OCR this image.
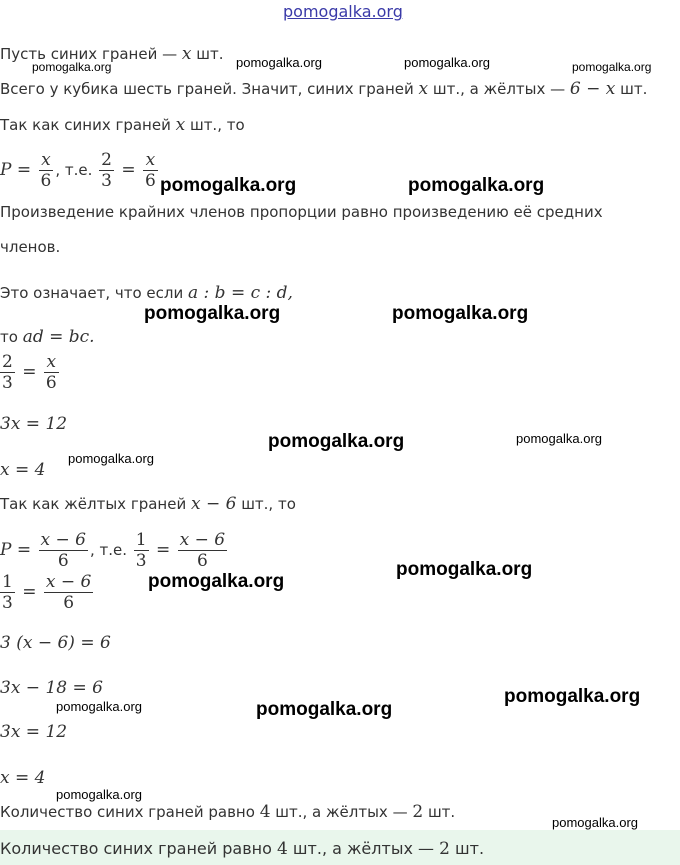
pomogalka.org
Пусть синих граней — x шт.
Всего у кубика шесть граней. Значит, синих граней x шт., а жёлтых — 6 − x шт.
Так как синих граней x шт., то
$P = \frac{x}{6}$ , т.е. $\frac{2}{3} = \frac{x}{6}$
Произведение крайних членов пропорции равно произведению её средних
членов.
Это означает, что если a : b = c : d,
то ad = bc.
$\frac{2}{3} = \frac{x}{6}$
3x = 12
x = 4
Так как жёлтых граней x − 6 шт., то
$P = \frac{x - 6}{6}$ , т.е. $\frac{1}{3} = \frac{x - 6}{6}$
$\frac{1}{3} = \frac{x - 6}{6}$
3 (x − 6) = 6
3x − 18 = 6
3x = 12
x = 4
Количество синих граней равно 4 шт., а жёлтых — 2 шт.
Количество синих граней равно 4 шт., а жёлтых — 2 шт.
pomogalka.org	pomogalka.org	pomogalka.org	pomogalka.org
pomogalka.org	pomogalka.org
pomogalka.org	pomogalka.org
pomogalka.org	pomogalka.org
pomogalka.org
pomogalka.org
pomogalka.org
pomogalka.org
pomogalka.org	pomogalka.org
pomogalka.org
pomogalka.org
